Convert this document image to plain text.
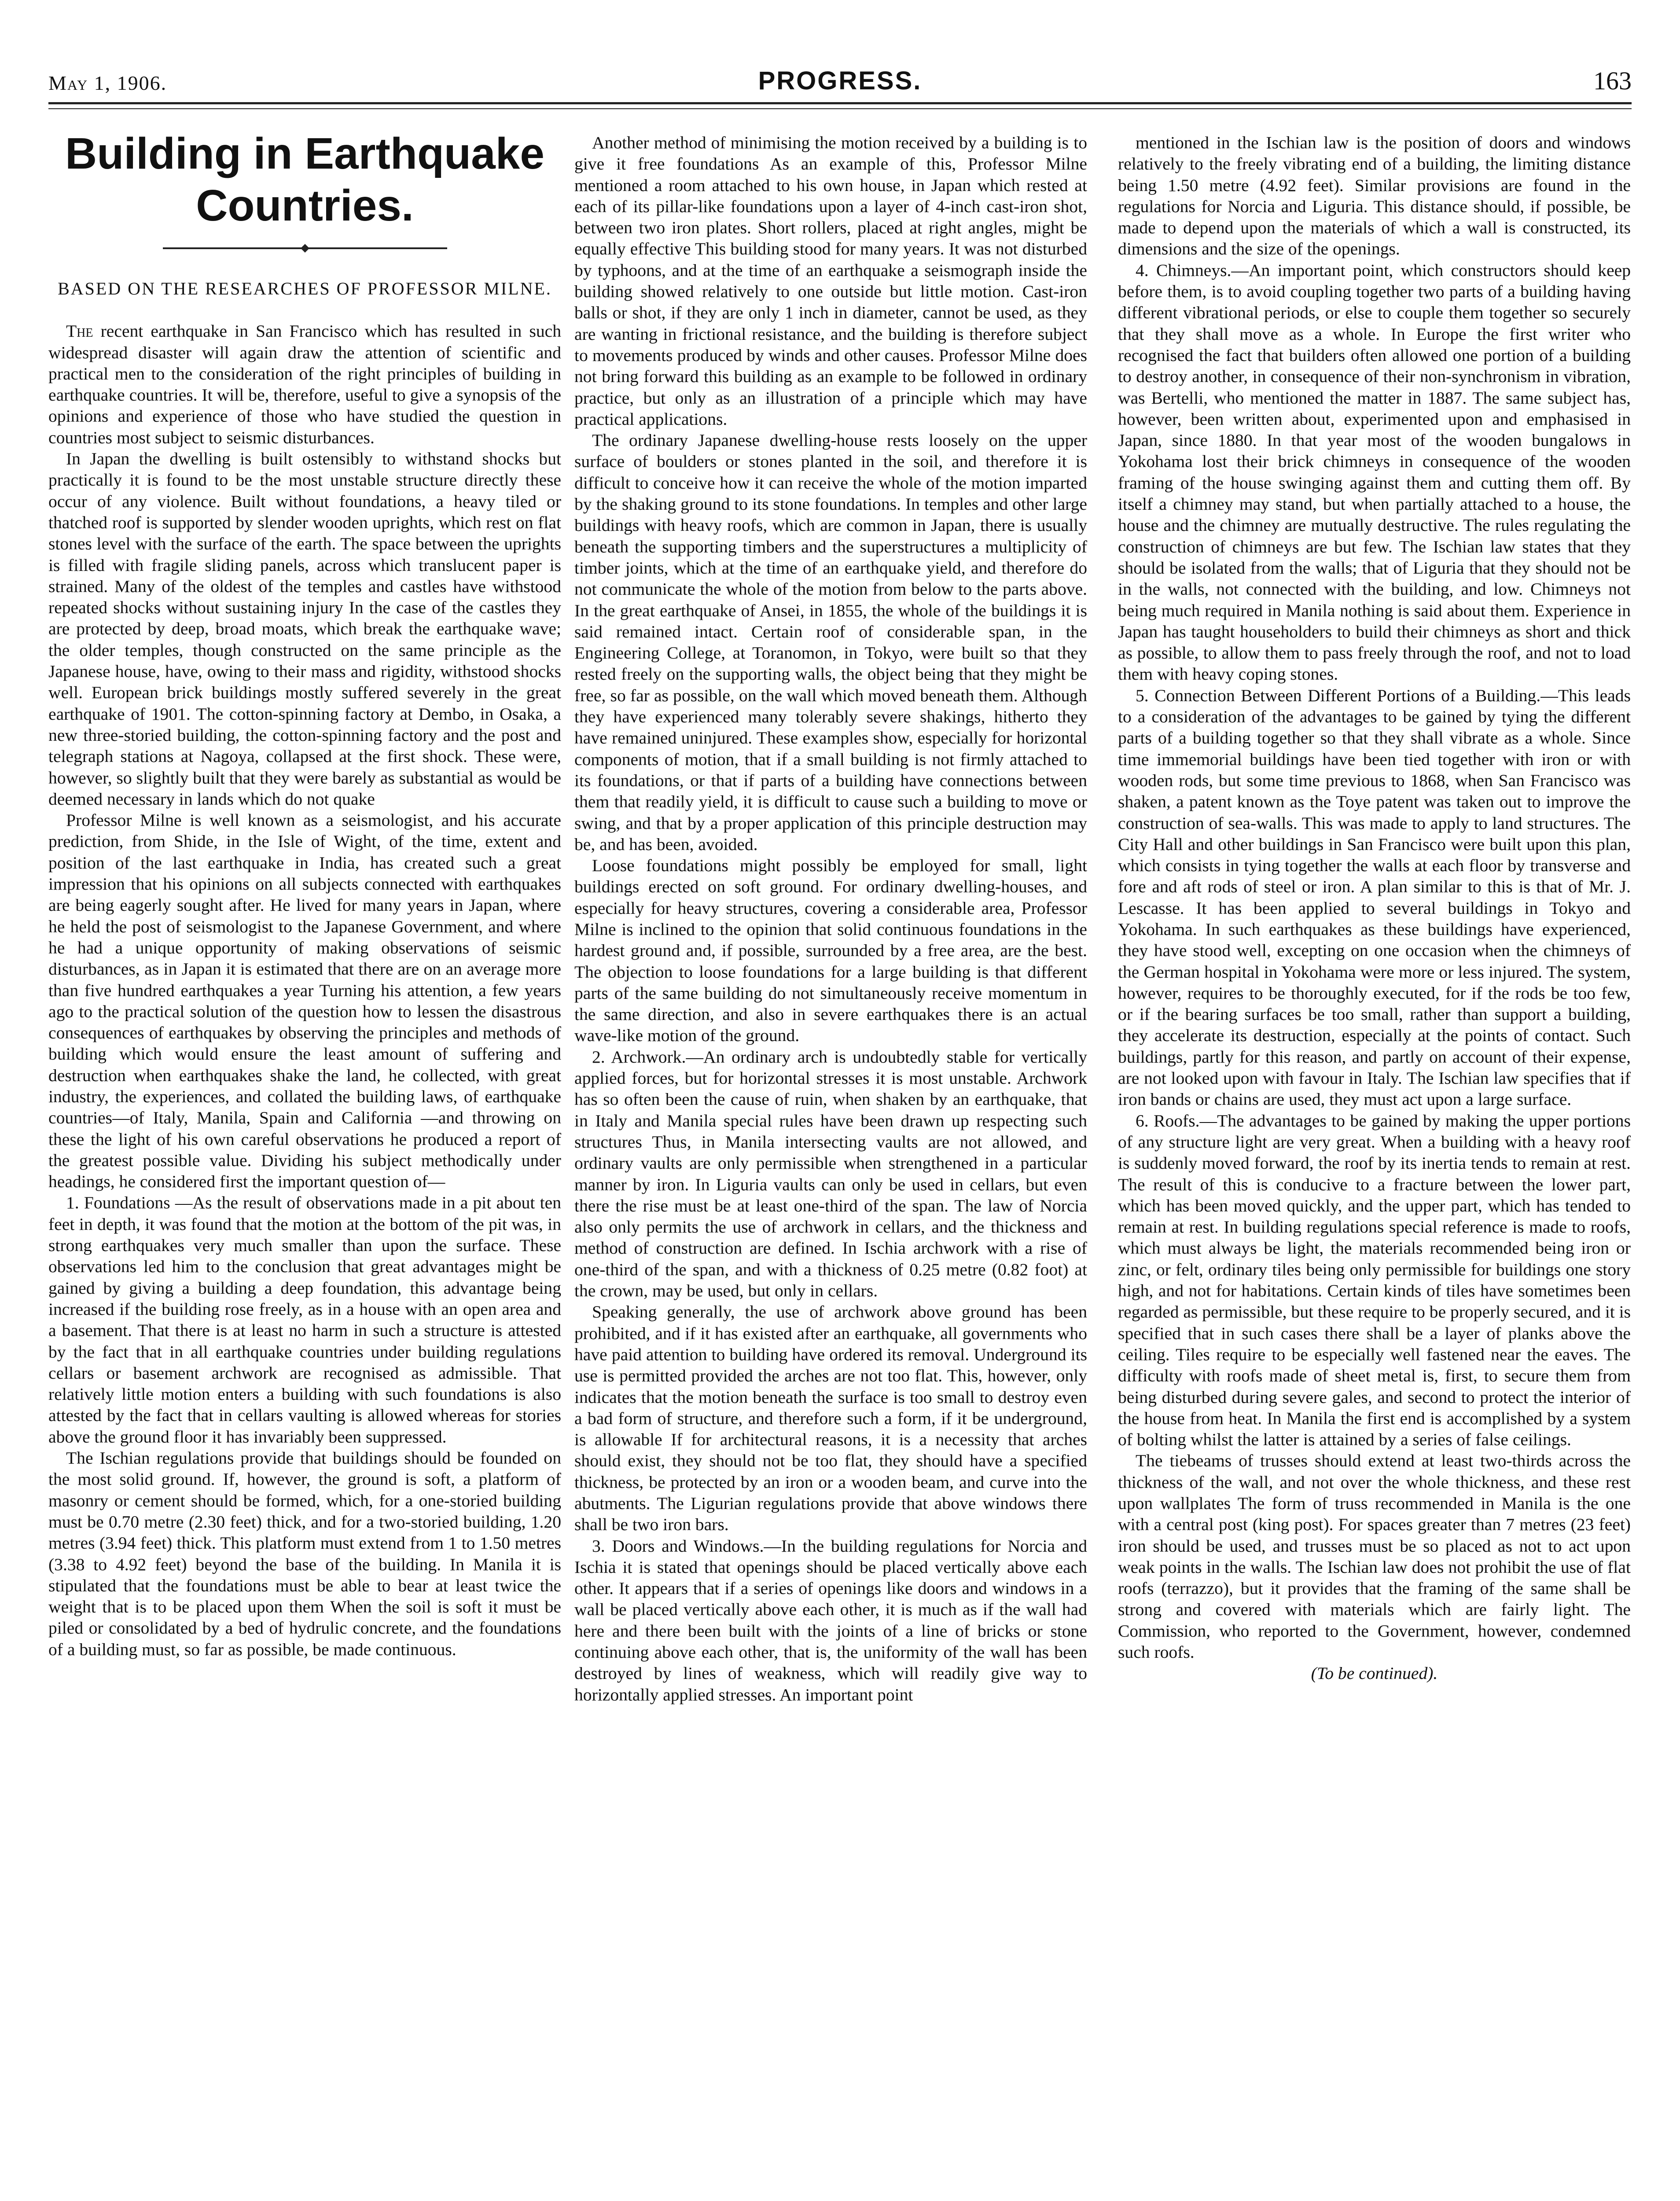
May 1, 1906.	PROGRESS.	163
Building in Earthquake Countries.
BASED ON THE RESEARCHES OF PROFESSOR MILNE.

The recent earthquake in San Francisco which has resulted in such widespread disaster will again draw the attention of scientific and practical men to the consideration of the right principles of building in earthquake countries. It will be, therefore, useful to give a synopsis of the opinions and experience of those who have studied the question in countries most subject to seismic disturbances.

In Japan the dwelling is built ostensibly to withstand shocks but practically it is found to be the most unstable structure directly these occur of any violence. Built without foundations, a heavy tiled or thatched roof is supported by slender wooden uprights, which rest on flat stones level with the surface of the earth. The space between the uprights is filled with fragile sliding panels, across which translucent paper is strained. Many of the oldest of the temples and castles have withstood repeated shocks without sustaining injury In the case of the castles they are protected by deep, broad moats, which break the earthquake wave; the older temples, though constructed on the same principle as the Japanese house, have, owing to their mass and rigidity, withstood shocks well. European brick buildings mostly suffered severely in the great earthquake of 1901. The cotton-spinning factory at Dembo, in Osaka, a new three-storied building, the cotton-spinning factory and the post and telegraph stations at Nagoya, collapsed at the first shock. These were, however, so slightly built that they were barely as substantial as would be deemed necessary in lands which do not quake

Professor Milne is well known as a seismologist, and his accurate prediction, from Shide, in the Isle of Wight, of the time, extent and position of the last earthquake in India, has created such a great impression that his opinions on all subjects connected with earthquakes are being eagerly sought after. He lived for many years in Japan, where he held the post of seismologist to the Japanese Government, and where he had a unique opportunity of making observations of seismic disturbances, as in Japan it is estimated that there are on an average more than five hundred earthquakes a year Turning his attention, a few years ago to the practical solution of the question how to lessen the disastrous consequences of earthquakes by observing the principles and methods of building which would ensure the least amount of suffering and destruction when earthquakes shake the land, he collected, with great industry, the experiences, and collated the building laws, of earthquake countries—of Italy, Manila, Spain and California —and throwing on these the light of his own careful observations he produced a report of the greatest possible value. Dividing his subject methodically under headings, he considered first the important question of—

1. Foundations —As the result of observations made in a pit about ten feet in depth, it was found that the motion at the bottom of the pit was, in strong earthquakes very much smaller than upon the surface. These observations led him to the conclusion that great advantages might be gained by giving a building a deep foundation, this advantage being increased if the building rose freely, as in a house with an open area and a basement. That there is at least no harm in such a structure is attested by the fact that in all earthquake countries under building regulations cellars or basement archwork are recognised as admissible. That relatively little motion enters a building with such foundations is also attested by the fact that in cellars vaulting is allowed whereas for stories above the ground floor it has invariably been suppressed.

The Ischian regulations provide that buildings should be founded on the most solid ground. If, however, the ground is soft, a platform of masonry or cement should be formed, which, for a one-storied building must be 0.70 metre (2.30 feet) thick, and for a two-storied building, 1.20 metres (3.94 feet) thick. This platform must extend from 1 to 1.50 metres (3.38 to 4.92 feet) beyond the base of the building. In Manila it is stipulated that the foundations must be able to bear at least twice the weight that is to be placed upon them When the soil is soft it must be piled or consolidated by a bed of hydrulic concrete, and the foundations of a building must, so far as possible, be made continuous.

Another method of minimising the motion received by a building is to give it free foundations As an example of this, Professor Milne mentioned a room attached to his own house, in Japan which rested at each of its pillar-like foundations upon a layer of 4-inch cast-iron shot, between two iron plates. Short rollers, placed at right angles, might be equally effective This building stood for many years. It was not disturbed by typhoons, and at the time of an earthquake a seismograph inside the building showed relatively to one outside but little motion. Cast-iron balls or shot, if they are only 1 inch in diameter, cannot be used, as they are wanting in frictional resistance, and the building is therefore subject to movements produced by winds and other causes. Professor Milne does not bring forward this building as an example to be followed in ordinary practice, but only as an illustration of a principle which may have practical applications.

The ordinary Japanese dwelling-house rests loosely on the upper surface of boulders or stones planted in the soil, and therefore it is difficult to conceive how it can receive the whole of the motion imparted by the shaking ground to its stone foundations. In temples and other large buildings with heavy roofs, which are common in Japan, there is usually beneath the supporting timbers and the superstructures a multiplicity of timber joints, which at the time of an earthquake yield, and therefore do not communicate the whole of the motion from below to the parts above. In the great earthquake of Ansei, in 1855, the whole of the buildings it is said remained intact. Certain roof of considerable span, in the Engineering College, at Toranomon, in Tokyo, were built so that they rested freely on the supporting walls, the object being that they might be free, so far as possible, on the wall which moved beneath them. Although they have experienced many tolerably severe shakings, hitherto they have remained uninjured. These examples show, especially for horizontal components of motion, that if a small building is not firmly attached to its foundations, or that if parts of a building have connections between them that readily yield, it is difficult to cause such a building to move or swing, and that by a proper application of this principle destruction may be, and has been, avoided.

Loose foundations might possibly be employed for small, light buildings erected on soft ground. For ordinary dwelling-houses, and especially for heavy structures, covering a considerable area, Professor Milne is inclined to the opinion that solid continuous foundations in the hardest ground and, if possible, surrounded by a free area, are the best. The objection to loose foundations for a large building is that different parts of the same building do not simultaneously receive momentum in the same direction, and also in severe earthquakes there is an actual wave-like motion of the ground.

2. Archwork.—An ordinary arch is undoubtedly stable for vertically applied forces, but for horizontal stresses it is most unstable. Archwork has so often been the cause of ruin, when shaken by an earthquake, that in Italy and Manila special rules have been drawn up respecting such structures Thus, in Manila intersecting vaults are not allowed, and ordinary vaults are only permissible when strengthened in a particular manner by iron. In Liguria vaults can only be used in cellars, but even there the rise must be at least one-third of the span. The law of Norcia also only permits the use of archwork in cellars, and the thickness and method of construction are defined. In Ischia archwork with a rise of one-third of the span, and with a thickness of 0.25 metre (0.82 foot) at the crown, may be used, but only in cellars.

Speaking generally, the use of archwork above ground has been prohibited, and if it has existed after an earthquake, all governments who have paid attention to building have ordered its removal. Underground its use is permitted provided the arches are not too flat. This, however, only indicates that the motion beneath the surface is too small to destroy even a bad form of structure, and therefore such a form, if it be underground, is allowable If for architectural reasons, it is a necessity that arches should exist, they should not be too flat, they should have a specified thickness, be protected by an iron or a wooden beam, and curve into the abutments. The Ligurian regulations provide that above windows there shall be two iron bars.

3. Doors and Windows.—In the building regulations for Norcia and Ischia it is stated that openings should be placed vertically above each other. It appears that if a series of openings like doors and windows in a wall be placed vertically above each other, it is much as if the wall had here and there been built with the joints of a line of bricks or stone continuing above each other, that is, the uniformity of the wall has been destroyed by lines of weakness, which will readily give way to horizontally applied stresses. An important point

mentioned in the Ischian law is the position of doors and windows relatively to the freely vibrating end of a building, the limiting distance being 1.50 metre (4.92 feet). Similar provisions are found in the regulations for Norcia and Liguria. This distance should, if possible, be made to depend upon the materials of which a wall is constructed, its dimensions and the size of the openings.

4. Chimneys.—An important point, which constructors should keep before them, is to avoid coupling together two parts of a building having different vibrational periods, or else to couple them together so securely that they shall move as a whole. In Europe the first writer who recognised the fact that builders often allowed one portion of a building to destroy another, in consequence of their non-synchronism in vibration, was Bertelli, who mentioned the matter in 1887. The same subject has, however, been written about, experimented upon and emphasised in Japan, since 1880. In that year most of the wooden bungalows in Yokohama lost their brick chimneys in consequence of the wooden framing of the house swinging against them and cutting them off. By itself a chimney may stand, but when partially attached to a house, the house and the chimney are mutually destructive. The rules regulating the construction of chimneys are but few. The Ischian law states that they should be isolated from the walls; that of Liguria that they should not be in the walls, not connected with the building, and low. Chimneys not being much required in Manila nothing is said about them. Experience in Japan has taught householders to build their chimneys as short and thick as possible, to allow them to pass freely through the roof, and not to load them with heavy coping stones.

5. Connection Between Different Portions of a Building.—This leads to a consideration of the advantages to be gained by tying the different parts of a building together so that they shall vibrate as a whole. Since time immemorial buildings have been tied together with iron or with wooden rods, but some time previous to 1868, when San Francisco was shaken, a patent known as the Toye patent was taken out to improve the construction of sea-walls. This was made to apply to land structures. The City Hall and other buildings in San Francisco were built upon this plan, which consists in tying together the walls at each floor by transverse and fore and aft rods of steel or iron. A plan similar to this is that of Mr. J. Lescasse. It has been applied to several buildings in Tokyo and Yokohama. In such earthquakes as these buildings have experienced, they have stood well, excepting on one occasion when the chimneys of the German hospital in Yokohama were more or less injured. The system, however, requires to be thoroughly executed, for if the rods be too few, or if the bearing surfaces be too small, rather than support a building, they accelerate its destruction, especially at the points of contact. Such buildings, partly for this reason, and partly on account of their expense, are not looked upon with favour in Italy. The Ischian law specifies that if iron bands or chains are used, they must act upon a large surface.

6. Roofs.—The advantages to be gained by making the upper portions of any structure light are very great. When a building with a heavy roof is suddenly moved forward, the roof by its inertia tends to remain at rest. The result of this is conducive to a fracture between the lower part, which has been moved quickly, and the upper part, which has tended to remain at rest. In building regulations special reference is made to roofs, which must always be light, the materials recommended being iron or zinc, or felt, ordinary tiles being only permissible for buildings one story high, and not for habitations. Certain kinds of tiles have sometimes been regarded as permissible, but these require to be properly secured, and it is specified that in such cases there shall be a layer of planks above the ceiling. Tiles require to be especially well fastened near the eaves. The difficulty with roofs made of sheet metal is, first, to secure them from being disturbed during severe gales, and second to protect the interior of the house from heat. In Manila the first end is accomplished by a system of bolting whilst the latter is attained by a series of false ceilings.

The tiebeams of trusses should extend at least two-thirds across the thickness of the wall, and not over the whole thickness, and these rest upon wallplates The form of truss recommended in Manila is the one with a central post (king post). For spaces greater than 7 metres (23 feet) iron should be used, and trusses must be so placed as not to act upon weak points in the walls. The Ischian law does not prohibit the use of flat roofs (terrazzo), but it provides that the framing of the same shall be strong and covered with materials which are fairly light. The Commission, who reported to the Government, however, condemned such roofs.

(To be continued).
